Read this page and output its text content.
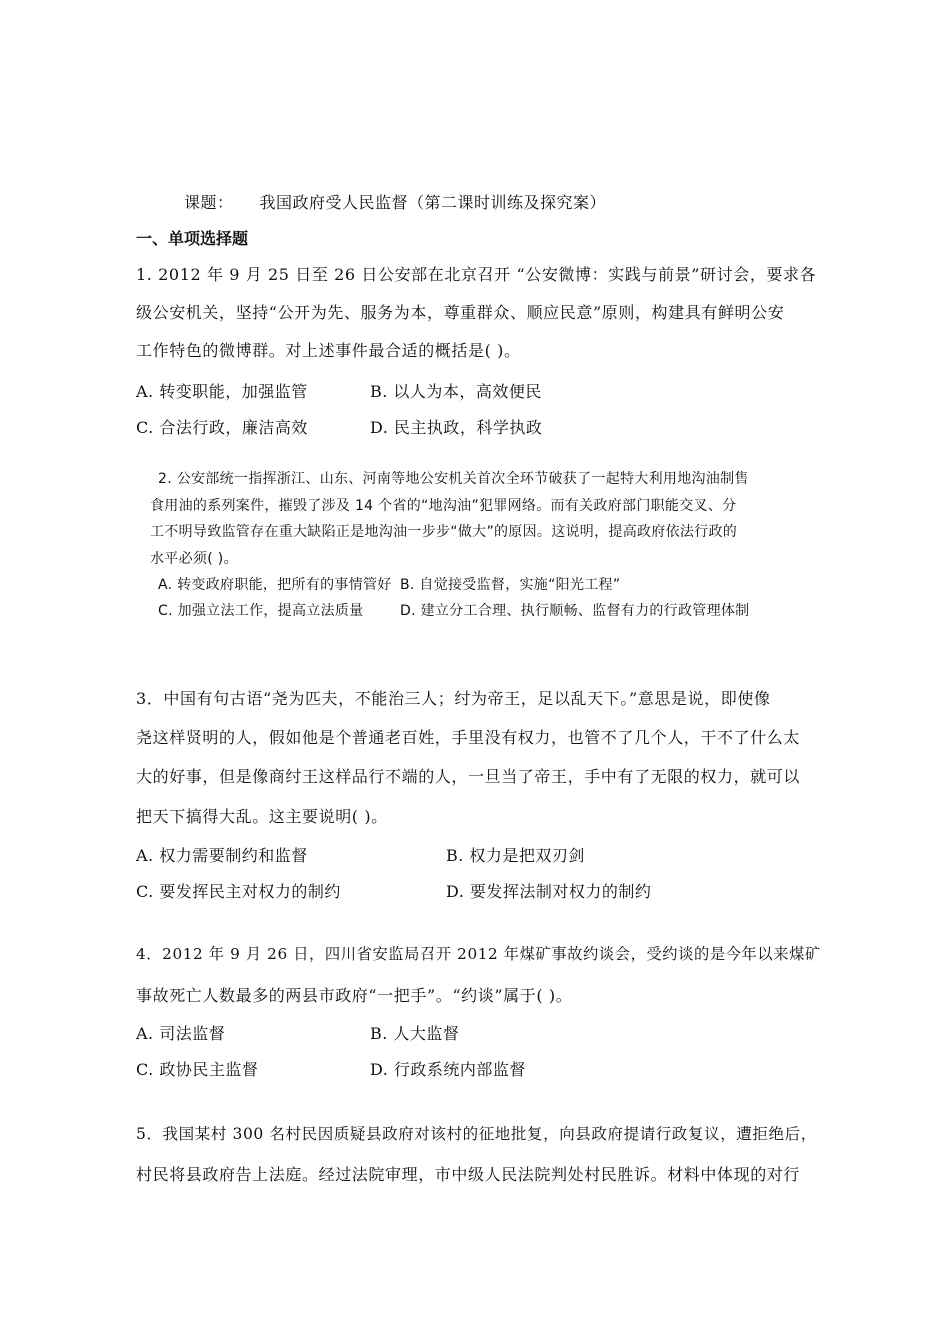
课题： 我国政府受人民监督（第二课时训练及探究案）
一、单项选择题
1. 2012 年 9 月 25 日至 26 日公安部在北京召开 “公安微博：实践与前景”研讨会，要求各
级公安机关，坚持“公开为先、服务为本，尊重群众、顺应民意”原则，构建具有鲜明公安
工作特色的微博群。对上述事件最合适的概括是( )。
A. 转变职能，加强监管	B. 以人为本，高效便民
C. 合法行政，廉洁高效	D. 民主执政，科学执政
2. 公安部统一指挥浙江、山东、河南等地公安机关首次全环节破获了一起特大利用地沟油制售
食用油的系列案件，摧毁了涉及 14 个省的“地沟油”犯罪网络。而有关政府部门职能交叉、分
工不明导致监管存在重大缺陷正是地沟油一步步“做大”的原因。这说明，提高政府依法行政的
水平必须( )。
A. 转变政府职能，把所有的事情管好 B. 自觉接受监督，实施“阳光工程”
C. 加强立法工作，提高立法质量	D. 建立分工合理、执行顺畅、监督有力的行政管理体制
3．中国有句古语“尧为匹夫，不能治三人；纣为帝王，足以乱天下。”意思是说，即使像
尧这样贤明的人，假如他是个普通老百姓，手里没有权力，也管不了几个人，干不了什么太
大的好事，但是像商纣王这样品行不端的人，一旦当了帝王，手中有了无限的权力，就可以
把天下搞得大乱。这主要说明( )。
A. 权力需要制约和监督	B. 权力是把双刃剑
C. 要发挥民主对权力的制约	D. 要发挥法制对权力的制约
4．2012 年 9 月 26 日，四川省安监局召开 2012 年煤矿事故约谈会，受约谈的是今年以来煤矿
事故死亡人数最多的两县市政府“一把手”。“约谈”属于( )。
A. 司法监督	B. 人大监督
C. 政协民主监督	D. 行政系统内部监督
5．我国某村 300 名村民因质疑县政府对该村的征地批复，向县政府提请行政复议，遭拒绝后，
村民将县政府告上法庭。经过法院审理，市中级人民法院判处村民胜诉。材料中体现的对行
